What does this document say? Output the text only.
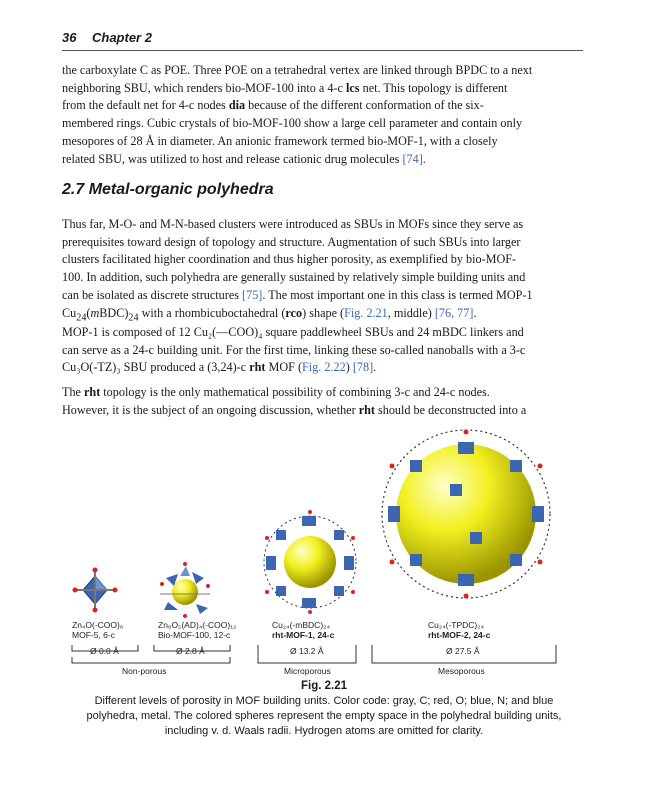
36 Chapter 2

the carboxylate C as POE. Three POE on a tetrahedral vertex are linked through BPDC to a next
neighboring SBU, which renders bio-MOF-100 into a 4-c lcs net. This topology is different
from the default net for 4-c nodes dia because of the different conformation of the six-
membered rings. Cubic crystals of bio-MOF-100 show a large cell parameter and contain only
mesopores of 28 Å in diameter. An anionic framework termed bio-MOF-1, with a closely
related SBU, was utilized to host and release cationic drug molecules [74].

2.7 Metal-organic polyhedra

Thus far, M-O- and M-N-based clusters were introduced as SBUs in MOFs since they serve as
prerequisites toward design of topology and structure. Augmentation of such SBUs into larger
clusters facilitated higher coordination and thus higher porosity, as exemplified by bio-MOF-
100. In addition, such polyhedra are generally sustained by relatively simple building units and
can be isolated as discrete structures [75]. The most important one in this class is termed MOP-1
$Cu_{24}(mBDC)_{24}$ with a rhombicuboctahedral (rco) shape (Fig. 2.21, middle) [76, 77].

MOP-1 is composed of 12 Cu₂(—COO)₄ square paddlewheel SBUs and 24 mBDC linkers and
can serve as a 24-c building unit. For the first time, linking these so-called nanoballs with a 3-c
Cu₃O(-TZ)₃ SBU produced a (3,24)-c rht MOF (Fig. 2.22) [78].

The rht topology is the only mathematical possibility of combining 3-c and 24-c nodes.
However, it is the subject of an ongoing discussion, whether rht should be deconstructed into a

Zn₄O(-COO)₆
MOF-5, 6-c
Ø 0.0 Å
Zn₈O₂(AD)₄(-COO)₁₂
Bio-MOF-100, 12-c
Ø 2.8 Å
Cu₂₄(-mBDC)₂₄
rht-MOF-1, 24-c
Ø 13.2 Å
Cu₂₄(-TPDC)₂₄
rht-MOF-2, 24-c
Ø 27.5 Å
Non-porous	Microporous	Mesoporous
Fig. 2.21
Different levels of porosity in MOF building units. Color code: gray, C; red, O; blue, N; and blue
polyhedra, metal. The colored spheres represent the empty space in the polyhedral building units,
including v. d. Waals radii. Hydrogen atoms are omitted for clarity.
